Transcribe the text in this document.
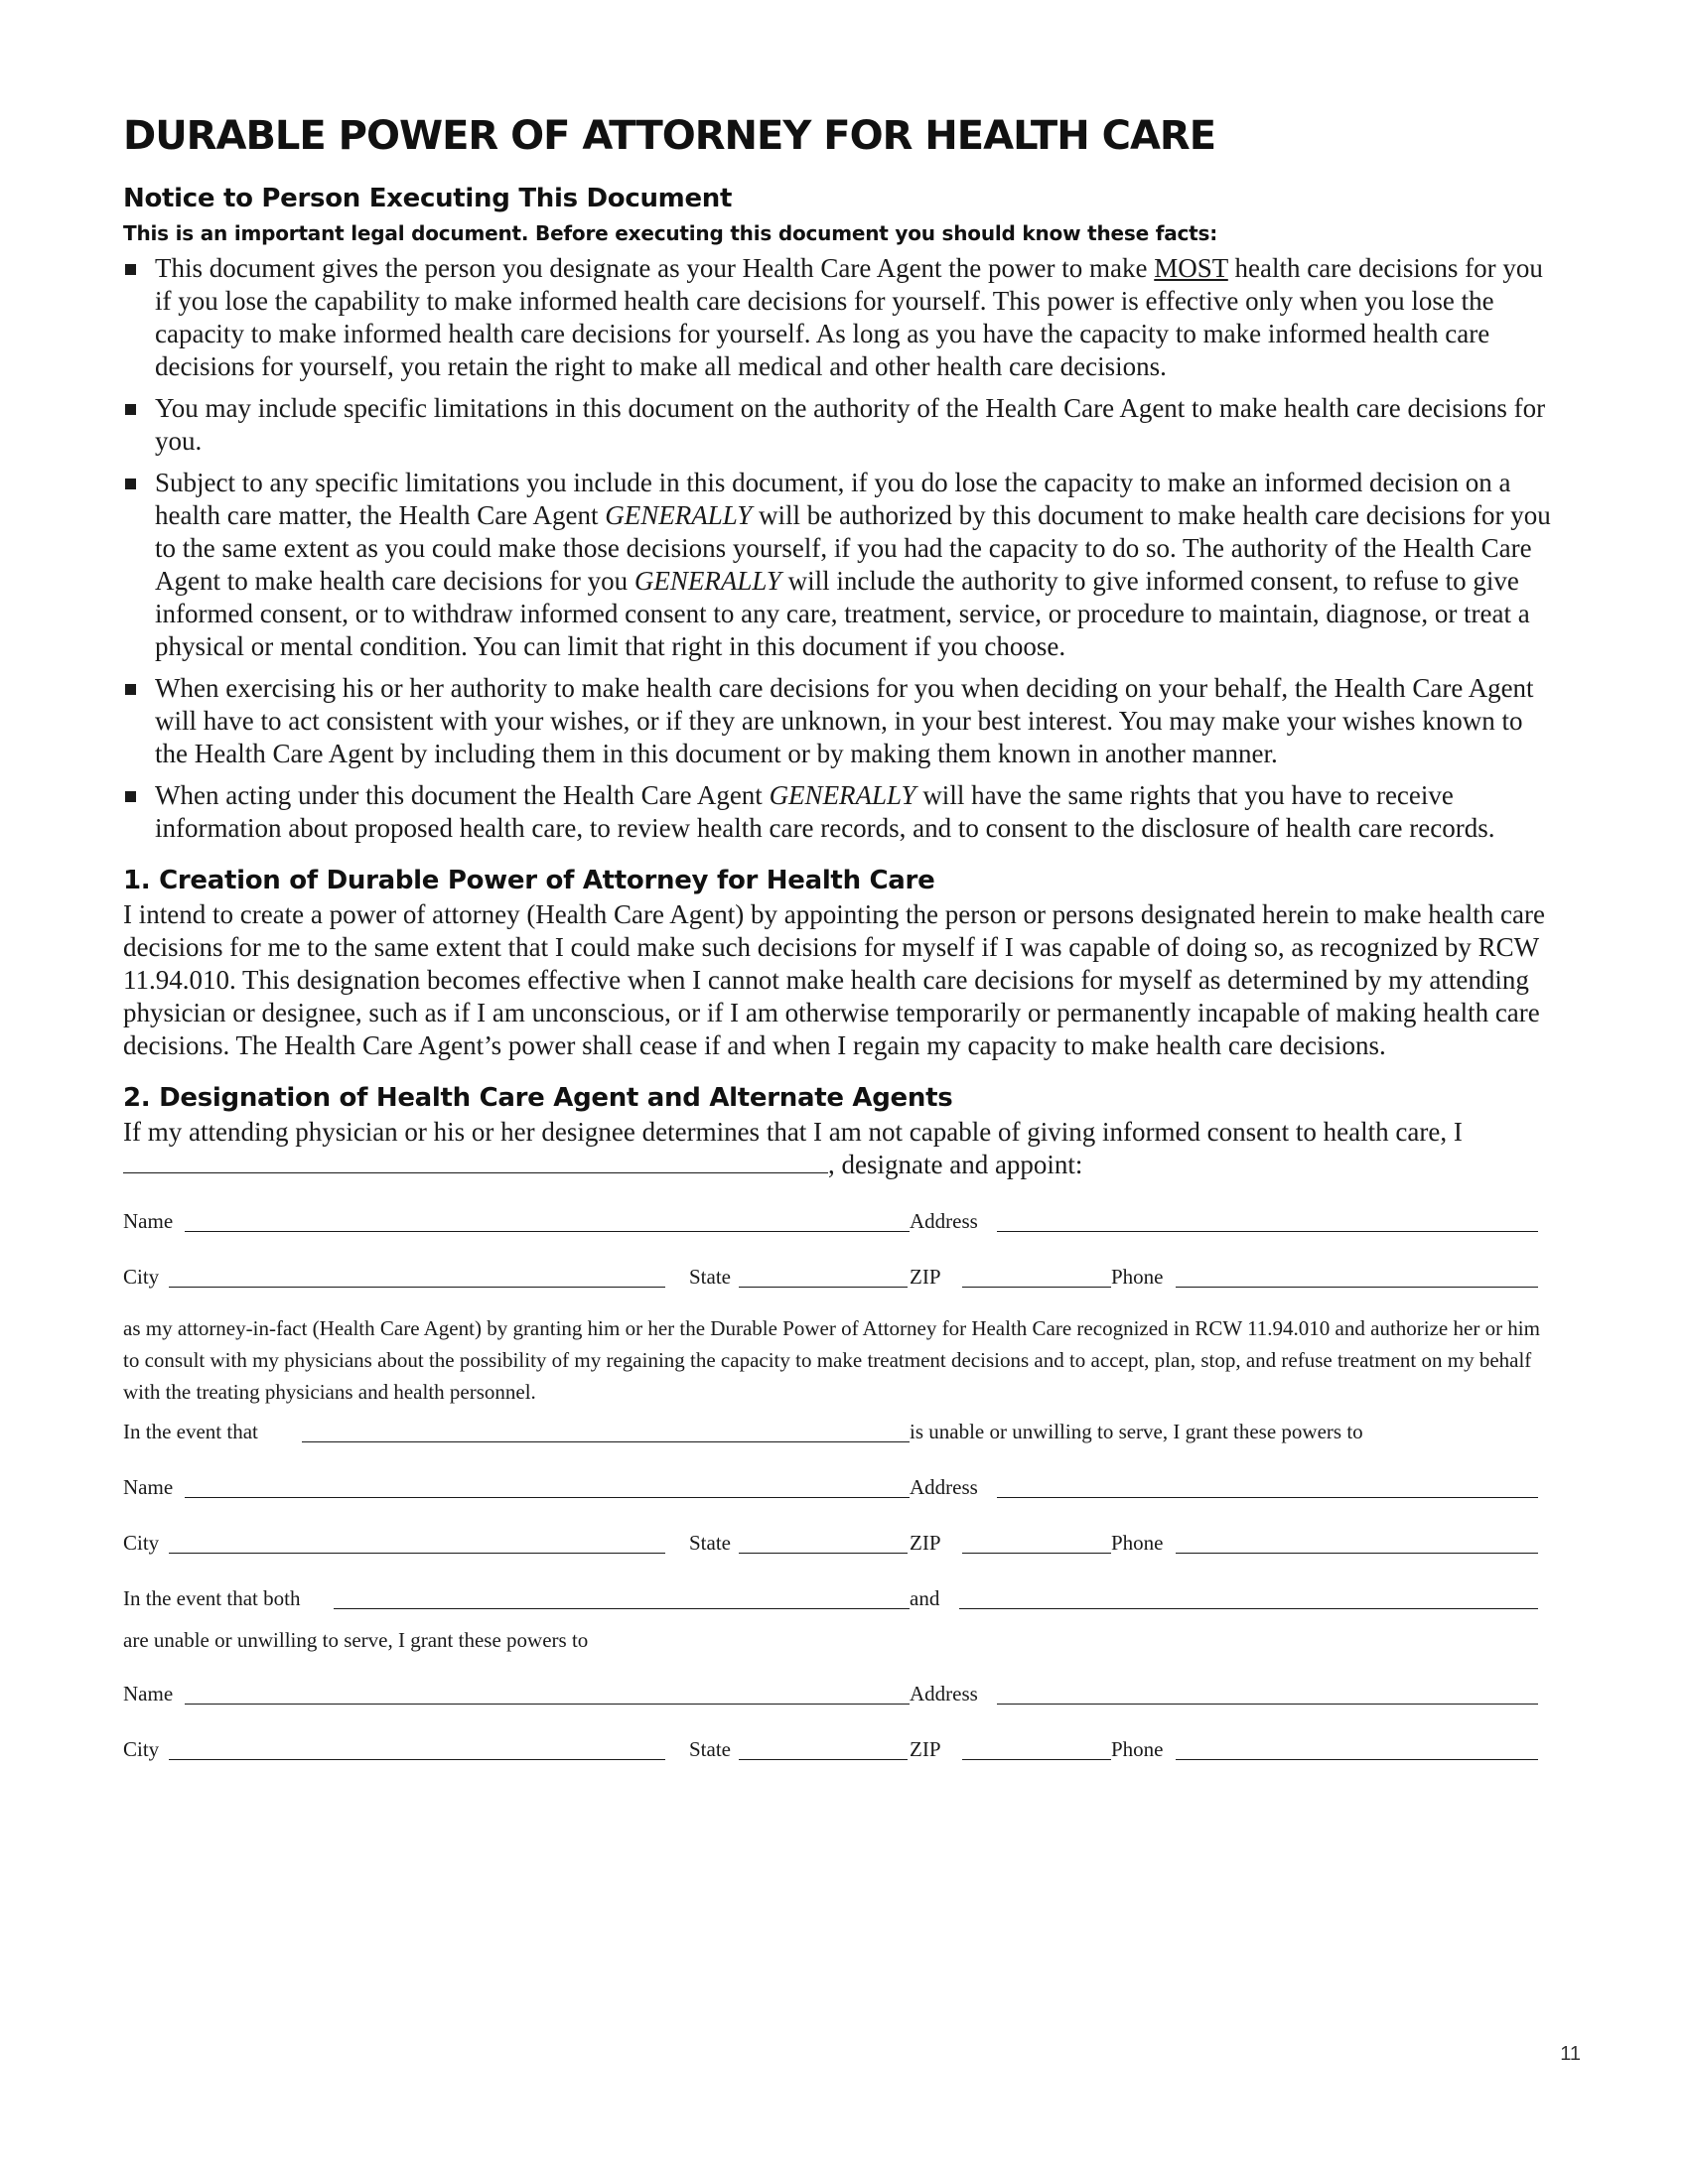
DURABLE POWER OF ATTORNEY FOR HEALTH CARE
Notice to Person Executing This Document
This is an important legal document. Before executing this document you should know these facts:
This document gives the person you designate as your Health Care Agent the power to make MOST health care decisions for you if you lose the capability to make informed health care decisions for yourself. This power is effective only when you lose the capacity to make informed health care decisions for yourself. As long as you have the capacity to make informed health care decisions for yourself, you retain the right to make all medical and other health care decisions.
You may include specific limitations in this document on the authority of the Health Care Agent to make health care decisions for you.
Subject to any specific limitations you include in this document, if you do lose the capacity to make an informed decision on a health care matter, the Health Care Agent GENERALLY will be authorized by this document to make health care decisions for you to the same extent as you could make those decisions yourself, if you had the capacity to do so. The authority of the Health Care Agent to make health care decisions for you GENERALLY will include the authority to give informed consent, to refuse to give informed consent, or to withdraw informed consent to any care, treatment, service, or procedure to maintain, diagnose, or treat a physical or mental condition. You can limit that right in this document if you choose.
When exercising his or her authority to make health care decisions for you when deciding on your behalf, the Health Care Agent will have to act consistent with your wishes, or if they are unknown, in your best interest. You may make your wishes known to the Health Care Agent by including them in this document or by making them known in another manner.
When acting under this document the Health Care Agent GENERALLY will have the same rights that you have to receive information about proposed health care, to review health care records, and to consent to the disclosure of health care records.
1. Creation of Durable Power of Attorney for Health Care

I intend to create a power of attorney (Health Care Agent) by appointing the person or persons designated herein to make health care decisions for me to the same extent that I could make such decisions for myself if I was capable of doing so, as recognized by RCW 11.94.010. This designation becomes effective when I cannot make health care decisions for myself as determined by my attending physician or designee, such as if I am unconscious, or if I am otherwise temporarily or permanently incapable of making health care decisions. The Health Care Agent’s power shall cease if and when I regain my capacity to make health care decisions.

2. Designation of Health Care Agent and Alternate Agents

If my attending physician or his or her designee determines that I am not capable of giving informed consent to health care, I , designate and appoint:

Name	Address
City	State	ZIP	Phone
as my attorney-in-fact (Health Care Agent) by granting him or her the Durable Power of Attorney for Health Care recognized in RCW 11.94.010 and authorize her or him to consult with my physicians about the possibility of my regaining the capacity to make treatment decisions and to accept, plan, stop, and refuse treatment on my behalf with the treating physicians and health personnel.
In the event that	is unable or unwilling to serve, I grant these powers to
Name	Address
City	State	ZIP	Phone
In the event that both	and
are unable or unwilling to serve, I grant these powers to
Name	Address
City	State	ZIP	Phone
11
